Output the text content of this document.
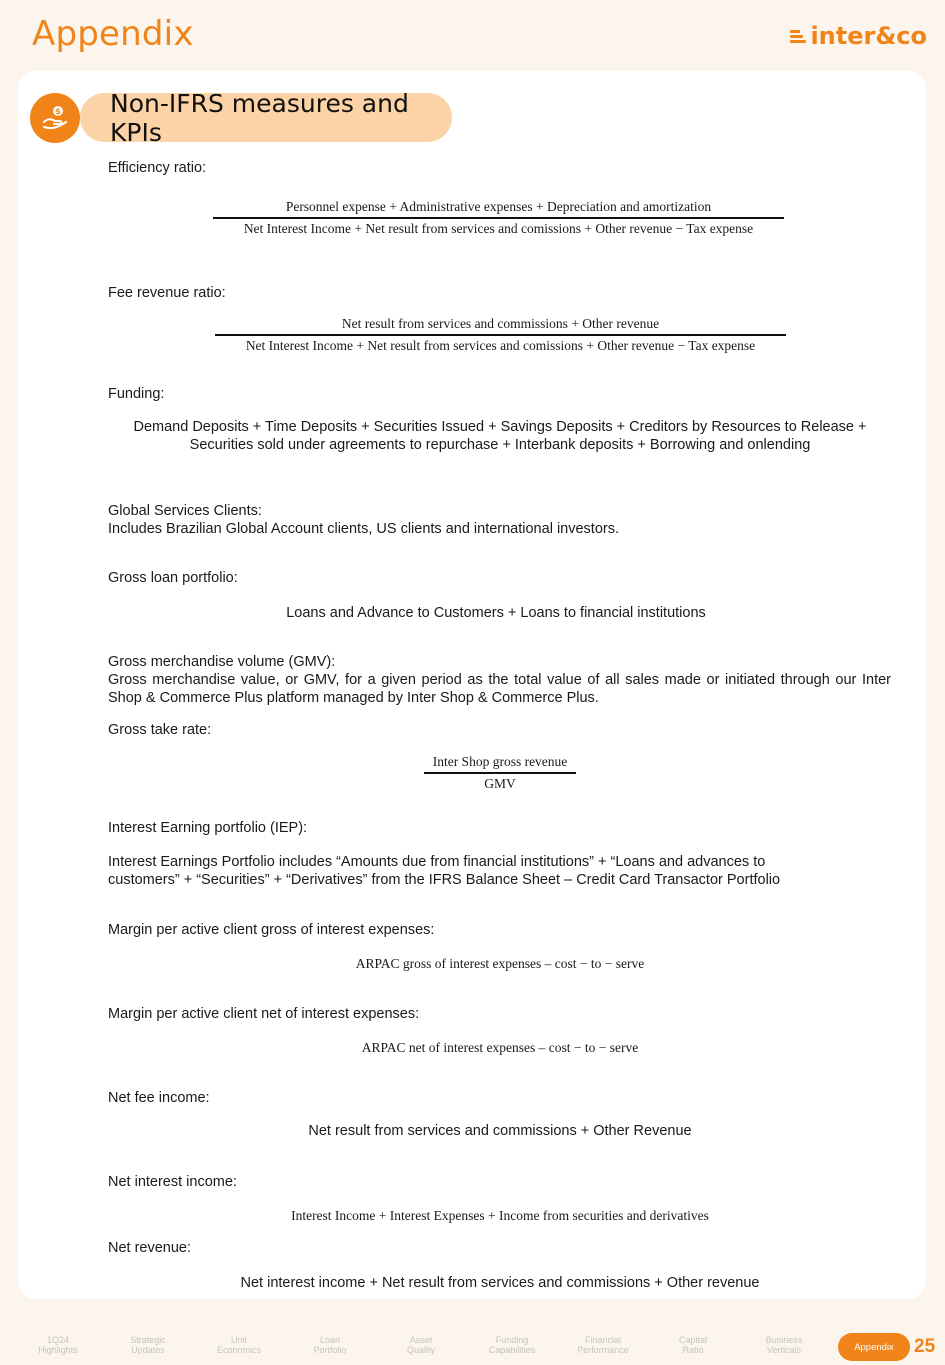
Appendix	inter&co
$	Non-IFRS measures and KPIs
Efficiency ratio:
Personnel expense + Administrative expenses + Depreciation and amortization
Net Interest Income + Net result from services and comissions + Other revenue − Tax expense
Fee revenue ratio:
Net result from services and commissions + Other revenue
Net Interest Income + Net result from services and comissions + Other revenue − Tax expense
Funding:
Demand Deposits + Time Deposits + Securities Issued + Savings Deposits + Creditors by Resources to Release +
Securities sold under agreements to repurchase + Interbank deposits + Borrowing and onlending
Global Services Clients:
Includes Brazilian Global Account clients, US clients and international investors.
Gross loan portfolio:
Loans and Advance to Customers + Loans to financial institutions
Gross merchandise volume (GMV):
Gross merchandise value, or GMV, for a given period as the total value of all sales made or initiated through our Inter Shop & Commerce Plus platform managed by Inter Shop & Commerce Plus.
Gross take rate:
Inter Shop gross revenue
GMV
Interest Earning portfolio (IEP):
Interest Earnings Portfolio includes “Amounts due from financial institutions” + “Loans and advances to customers” + “Securities” + “Derivatives” from the IFRS Balance Sheet – Credit Card Transactor Portfolio
Margin per active client gross of interest expenses:
ARPAC gross of interest expenses – cost − to − serve
Margin per active client net of interest expenses:
ARPAC net of interest expenses – cost − to − serve
Net fee income:
Net result from services and commissions + Other Revenue
Net interest income:
Interest Income + Interest Expenses + Income from securities and derivatives
Net revenue:
Net interest income + Net result from services and commissions + Other revenue
1Q24
Highlights
Strategic
Updates
Unit
Economics
Loan
Portfolio
Asset
Quality
Funding
Capabilities
Financial
Performance
Capital
Ratio
Business
Verticals	Appendix	25
